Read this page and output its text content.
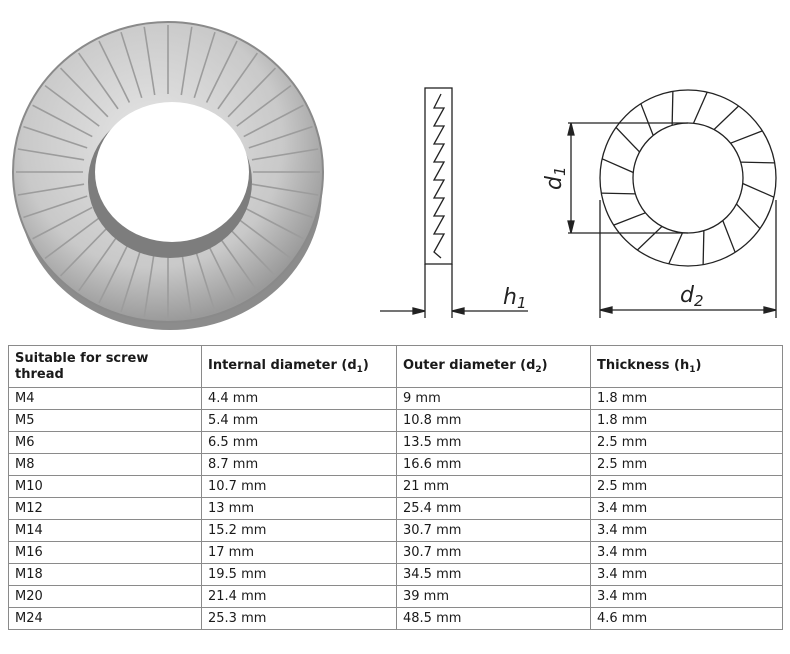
h1
d1
d2
Suitable for screw thread	Internal diameter $(d_1)$	Outer diameter $(d_2)$	Thickness $(h_1)$
M4	4.4 mm	9 mm	1.8 mm
M5	5.4 mm	10.8 mm	1.8 mm
M6	6.5 mm	13.5 mm	2.5 mm
M8	8.7 mm	16.6 mm	2.5 mm
M10	10.7 mm	21 mm	2.5 mm
M12	13 mm	25.4 mm	3.4 mm
M14	15.2 mm	30.7 mm	3.4 mm
M16	17 mm	30.7 mm	3.4 mm
M18	19.5 mm	34.5 mm	3.4 mm
M20	21.4 mm	39 mm	3.4 mm
M24	25.3 mm	48.5 mm	4.6 mm
